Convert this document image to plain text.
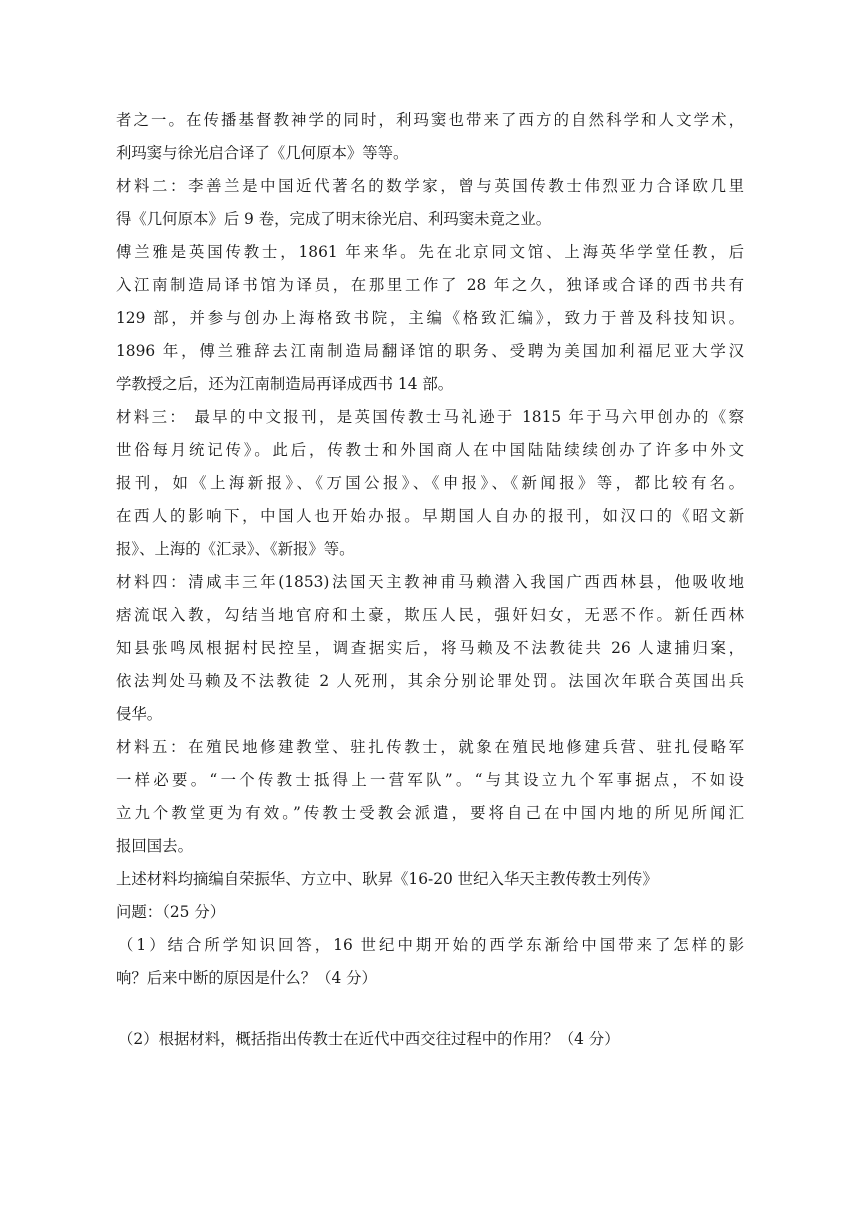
者之一。在传播基督教神学的同时，利玛窦也带来了西方的自然科学和人文学术，
利玛窦与徐光启合译了《几何原本》等等。
材料二：李善兰是中国近代著名的数学家，曾与英国传教士伟烈亚力合译欧几里
得《几何原本》后 9 卷，完成了明末徐光启、利玛窦未竟之业。
傅兰雅是英国传教士，1861 年来华。先在北京同文馆、上海英华学堂任教，后
入江南制造局译书馆为译员，在那里工作了 28 年之久，独译或合译的西书共有
129 部，并参与创办上海格致书院，主编《格致汇编》，致力于普及科技知识。
1896 年，傅兰雅辞去江南制造局翻译馆的职务、受聘为美国加利福尼亚大学汉
学教授之后，还为江南制造局再译成西书 14 部。
材料三： 最早的中文报刊，是英国传教士马礼逊于 1815 年于马六甲创办的《察
世俗每月统记传》。此后，传教士和外国商人在中国陆陆续续创办了许多中外文
报刊，如《上海新报》、《万国公报》、《申报》、《新闻报》等，都比较有名。
在西人的影响下，中国人也开始办报。早期国人自办的报刊，如汉口的《昭文新
报》、上海的《汇录》、《新报》等。
材料四：清咸丰三年(1853)法国天主教神甫马赖潜入我国广西西林县，他吸收地
痞流氓入教，勾结当地官府和土豪，欺压人民，强奸妇女，无恶不作。新任西林
知县张鸣凤根据村民控呈，调查据实后，将马赖及不法教徒共 26 人逮捕归案，
依法判处马赖及不法教徒 2 人死刑，其余分别论罪处罚。法国次年联合英国出兵
侵华。
材料五：在殖民地修建教堂、驻扎传教士，就象在殖民地修建兵营、驻扎侵略军
一样必要。“一个传教士抵得上一营军队”。“与其设立九个军事据点，不如设
立九个教堂更为有效。”传教士受教会派遣，要将自己在中国内地的所见所闻汇
报回国去。
上述材料均摘编自荣振华、方立中、耿昇《16-20 世纪入华天主教传教士列传》
问题：（25 分）
（1）结合所学知识回答，16 世纪中期开始的西学东渐给中国带来了怎样的影
响？后来中断的原因是什么？（4 分）
（2）根据材料，概括指出传教士在近代中西交往过程中的作用？（4 分）
